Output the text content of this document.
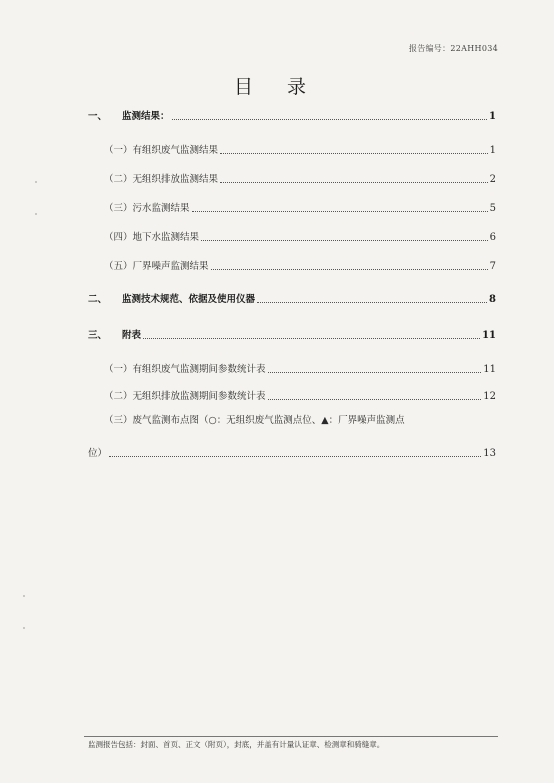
报告编号：22AHH034
目 录
一、 监测结果：	1
（一）有组织废气监测结果	1
（二）无组织排放监测结果	2
（三）污水监测结果	5
（四）地下水监测结果	6
（五）厂界噪声监测结果	7
二、 监测技术规范、依据及使用仪器	8
三、 附表	11
（一）有组织废气监测期间参数统计表	11
（二）无组织排放监测期间参数统计表	12
（三）废气监测布点图（○：无组织废气监测点位、▲：厂界噪声监测点
位）	13
监测报告包括：封面、首页、正文（附页），封底，并盖有计量认证章、检测章和骑缝章。
